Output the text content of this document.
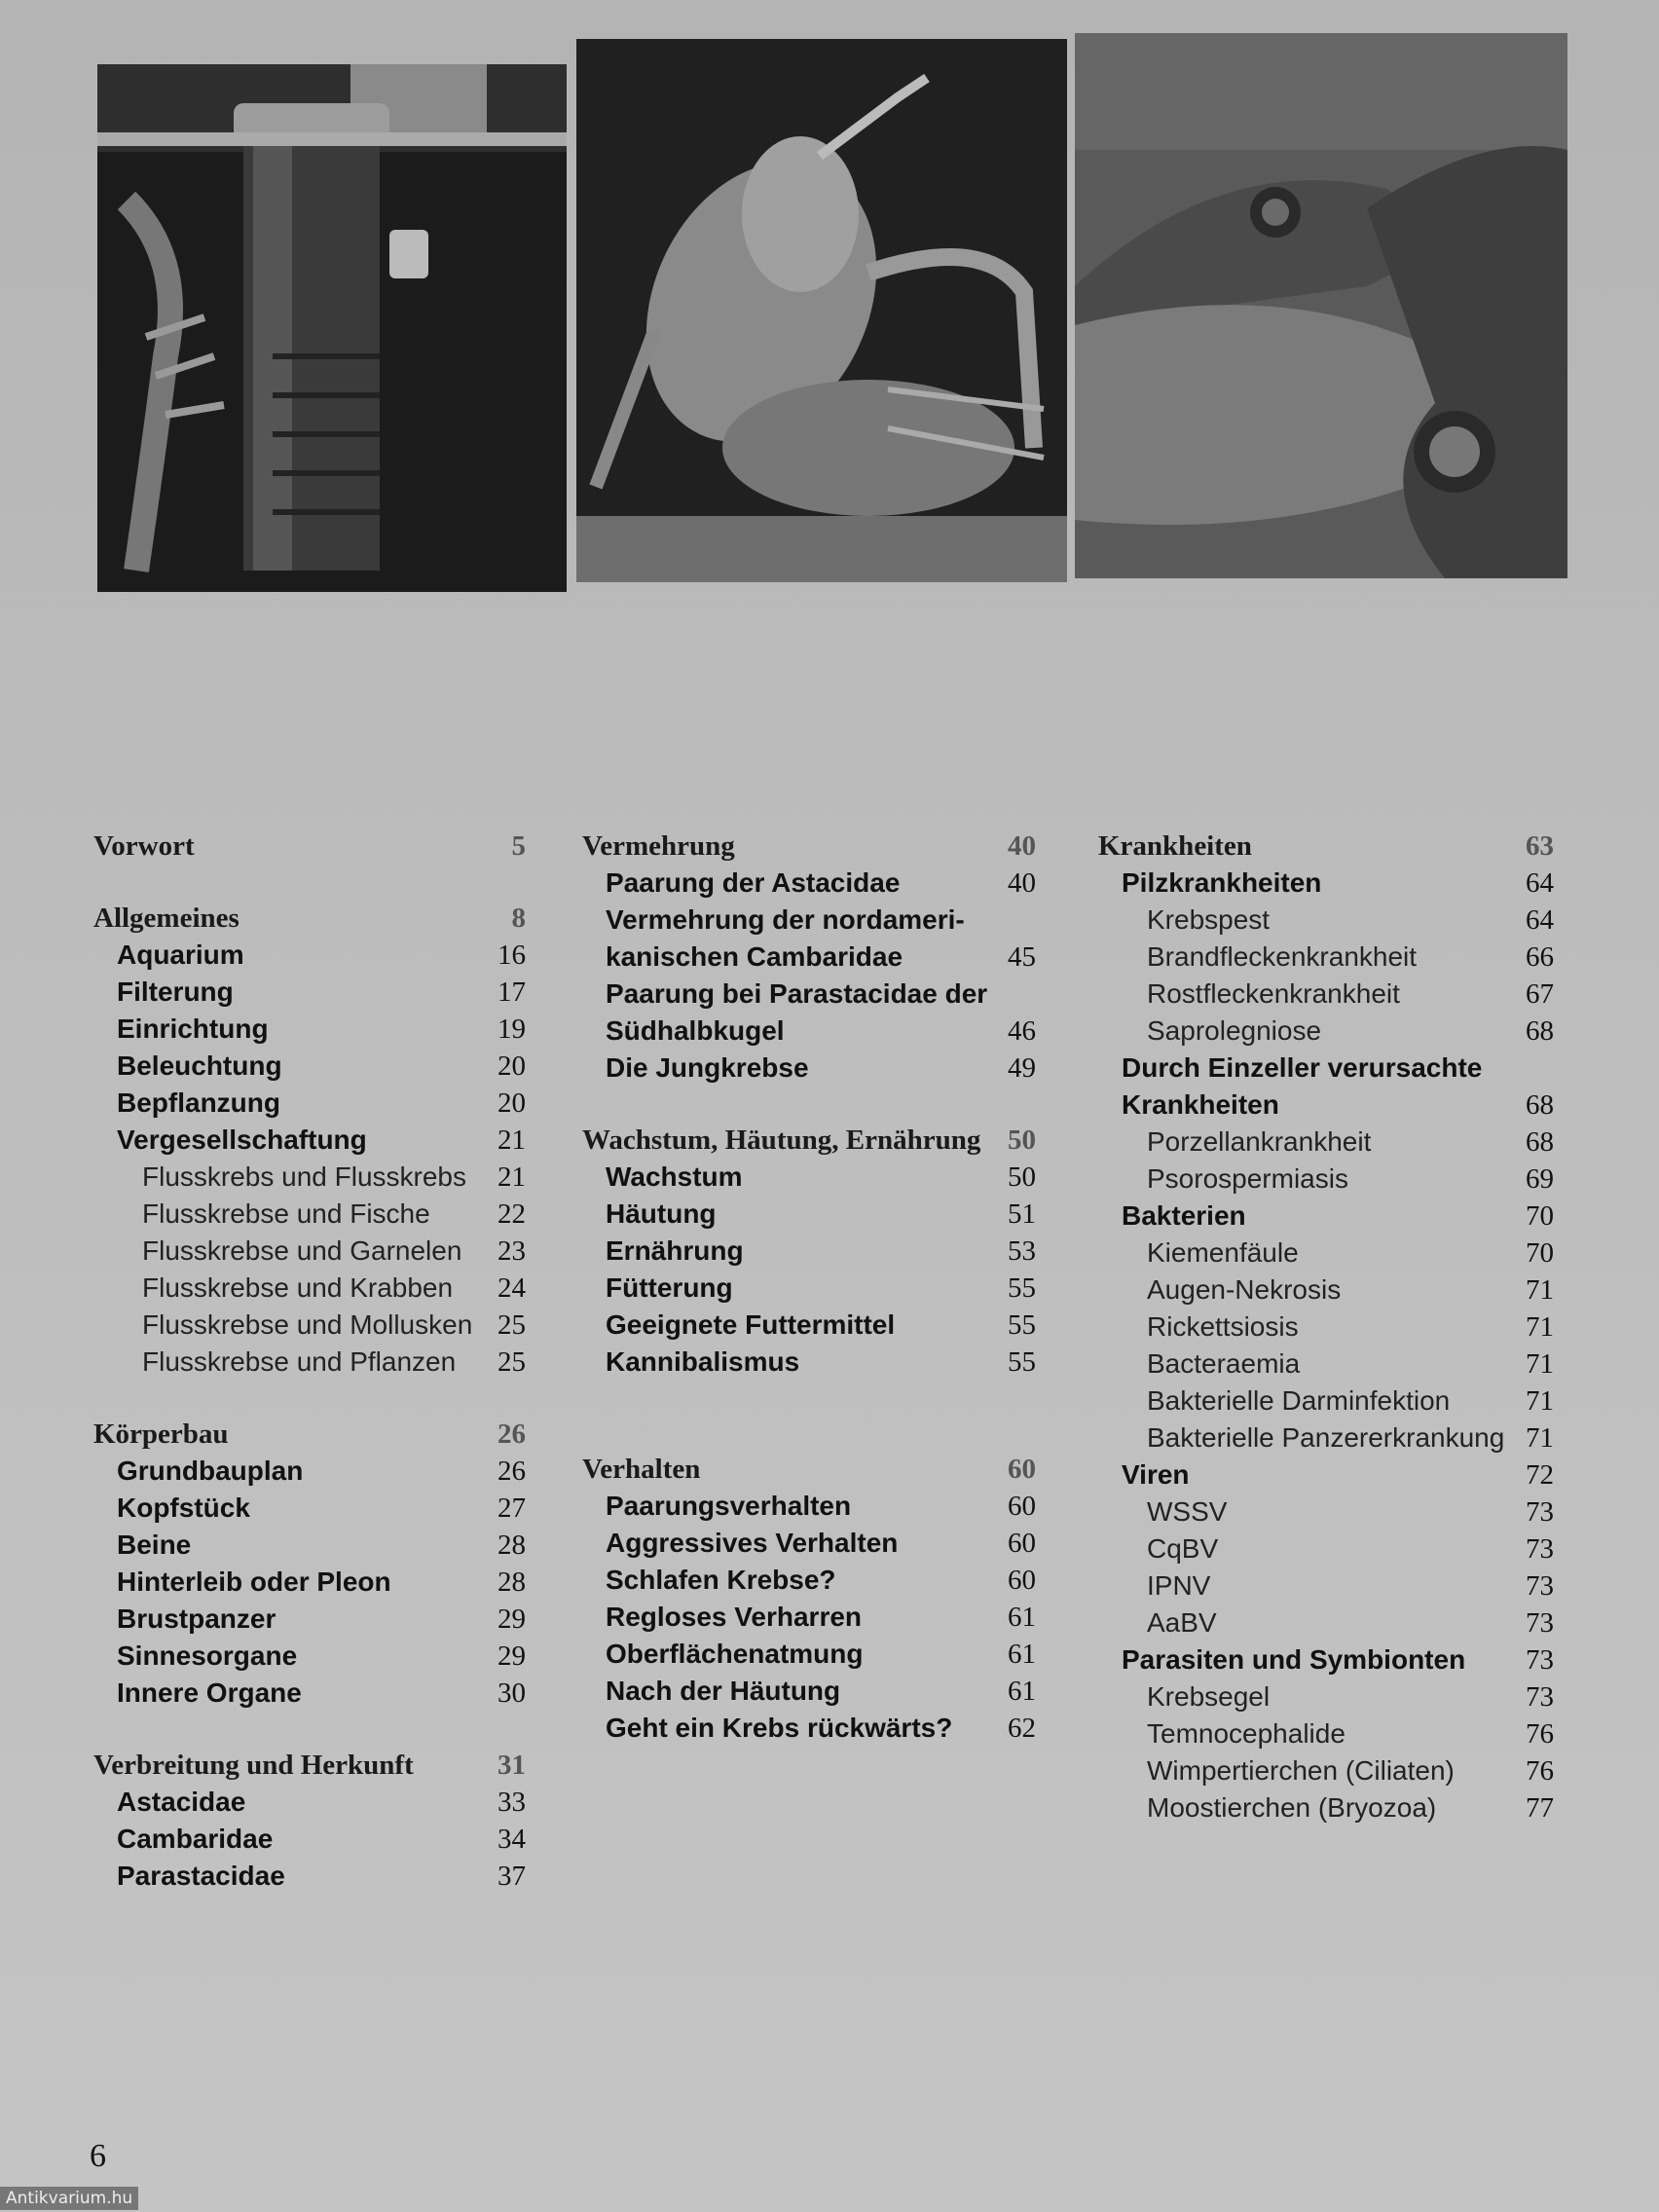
Vorwort	5
Allgemeines	8
Aquarium	16
Filterung	17
Einrichtung	19
Beleuchtung	20
Bepflanzung	20
Vergesellschaftung	21
Flusskrebs und Flusskrebs 21
Flusskrebse und Fische 22
Flusskrebse und Garnelen 23
Flusskrebse und Krabben 24
Flusskrebse und Mollusken 25
Flusskrebse und Pflanzen 25
Körperbau	26
Grundbauplan	26
Kopfstück	27
Beine	28
Hinterleib oder Pleon	28
Brustpanzer	29
Sinnesorgane	29
Innere Organe	30
Verbreitung und Herkunft	31
Astacidae	33
Cambaridae	34
Parastacidae	37
Vermehrung	40
Paarung der Astacidae	40
Vermehrung der nordameri-
kanischen Cambaridae	45
Paarung bei Parastacidae der
Südhalbkugel	46
Die Jungkrebse	49
Wachstum, Häutung, Ernährung 50
Wachstum	50
Häutung	51
Ernährung	53
Fütterung	55
Geeignete Futtermittel	55
Kannibalismus	55
Verhalten	60
Paarungsverhalten	60
Aggressives Verhalten	60
Schlafen Krebse?	60
Regloses Verharren	61
Oberflächenatmung	61
Nach der Häutung	61
Geht ein Krebs rückwärts? 62
Krankheiten	63
Pilzkrankheiten	64
Krebspest	64
Brandfleckenkrankheit	66
Rostfleckenkrankheit	67
Saprolegniose	68
Durch Einzeller verursachte
Krankheiten	68
Porzellankrankheit	68
Psorospermiasis	69
Bakterien	70
Kiemenfäule	70
Augen-Nekrosis	71
Rickettsiosis	71
Bacteraemia	71
Bakterielle Darminfektion	71
Bakterielle Panzererkrankung 71
Viren	72
WSSV	73
CqBV	73
IPNV	73
AaBV	73
Parasiten und Symbionten 73
Krebsegel	73
Temnocephalide	76
Wimpertierchen (Ciliaten)	76
Moostierchen (Bryozoa)	77
6
Antikvarium.hu
